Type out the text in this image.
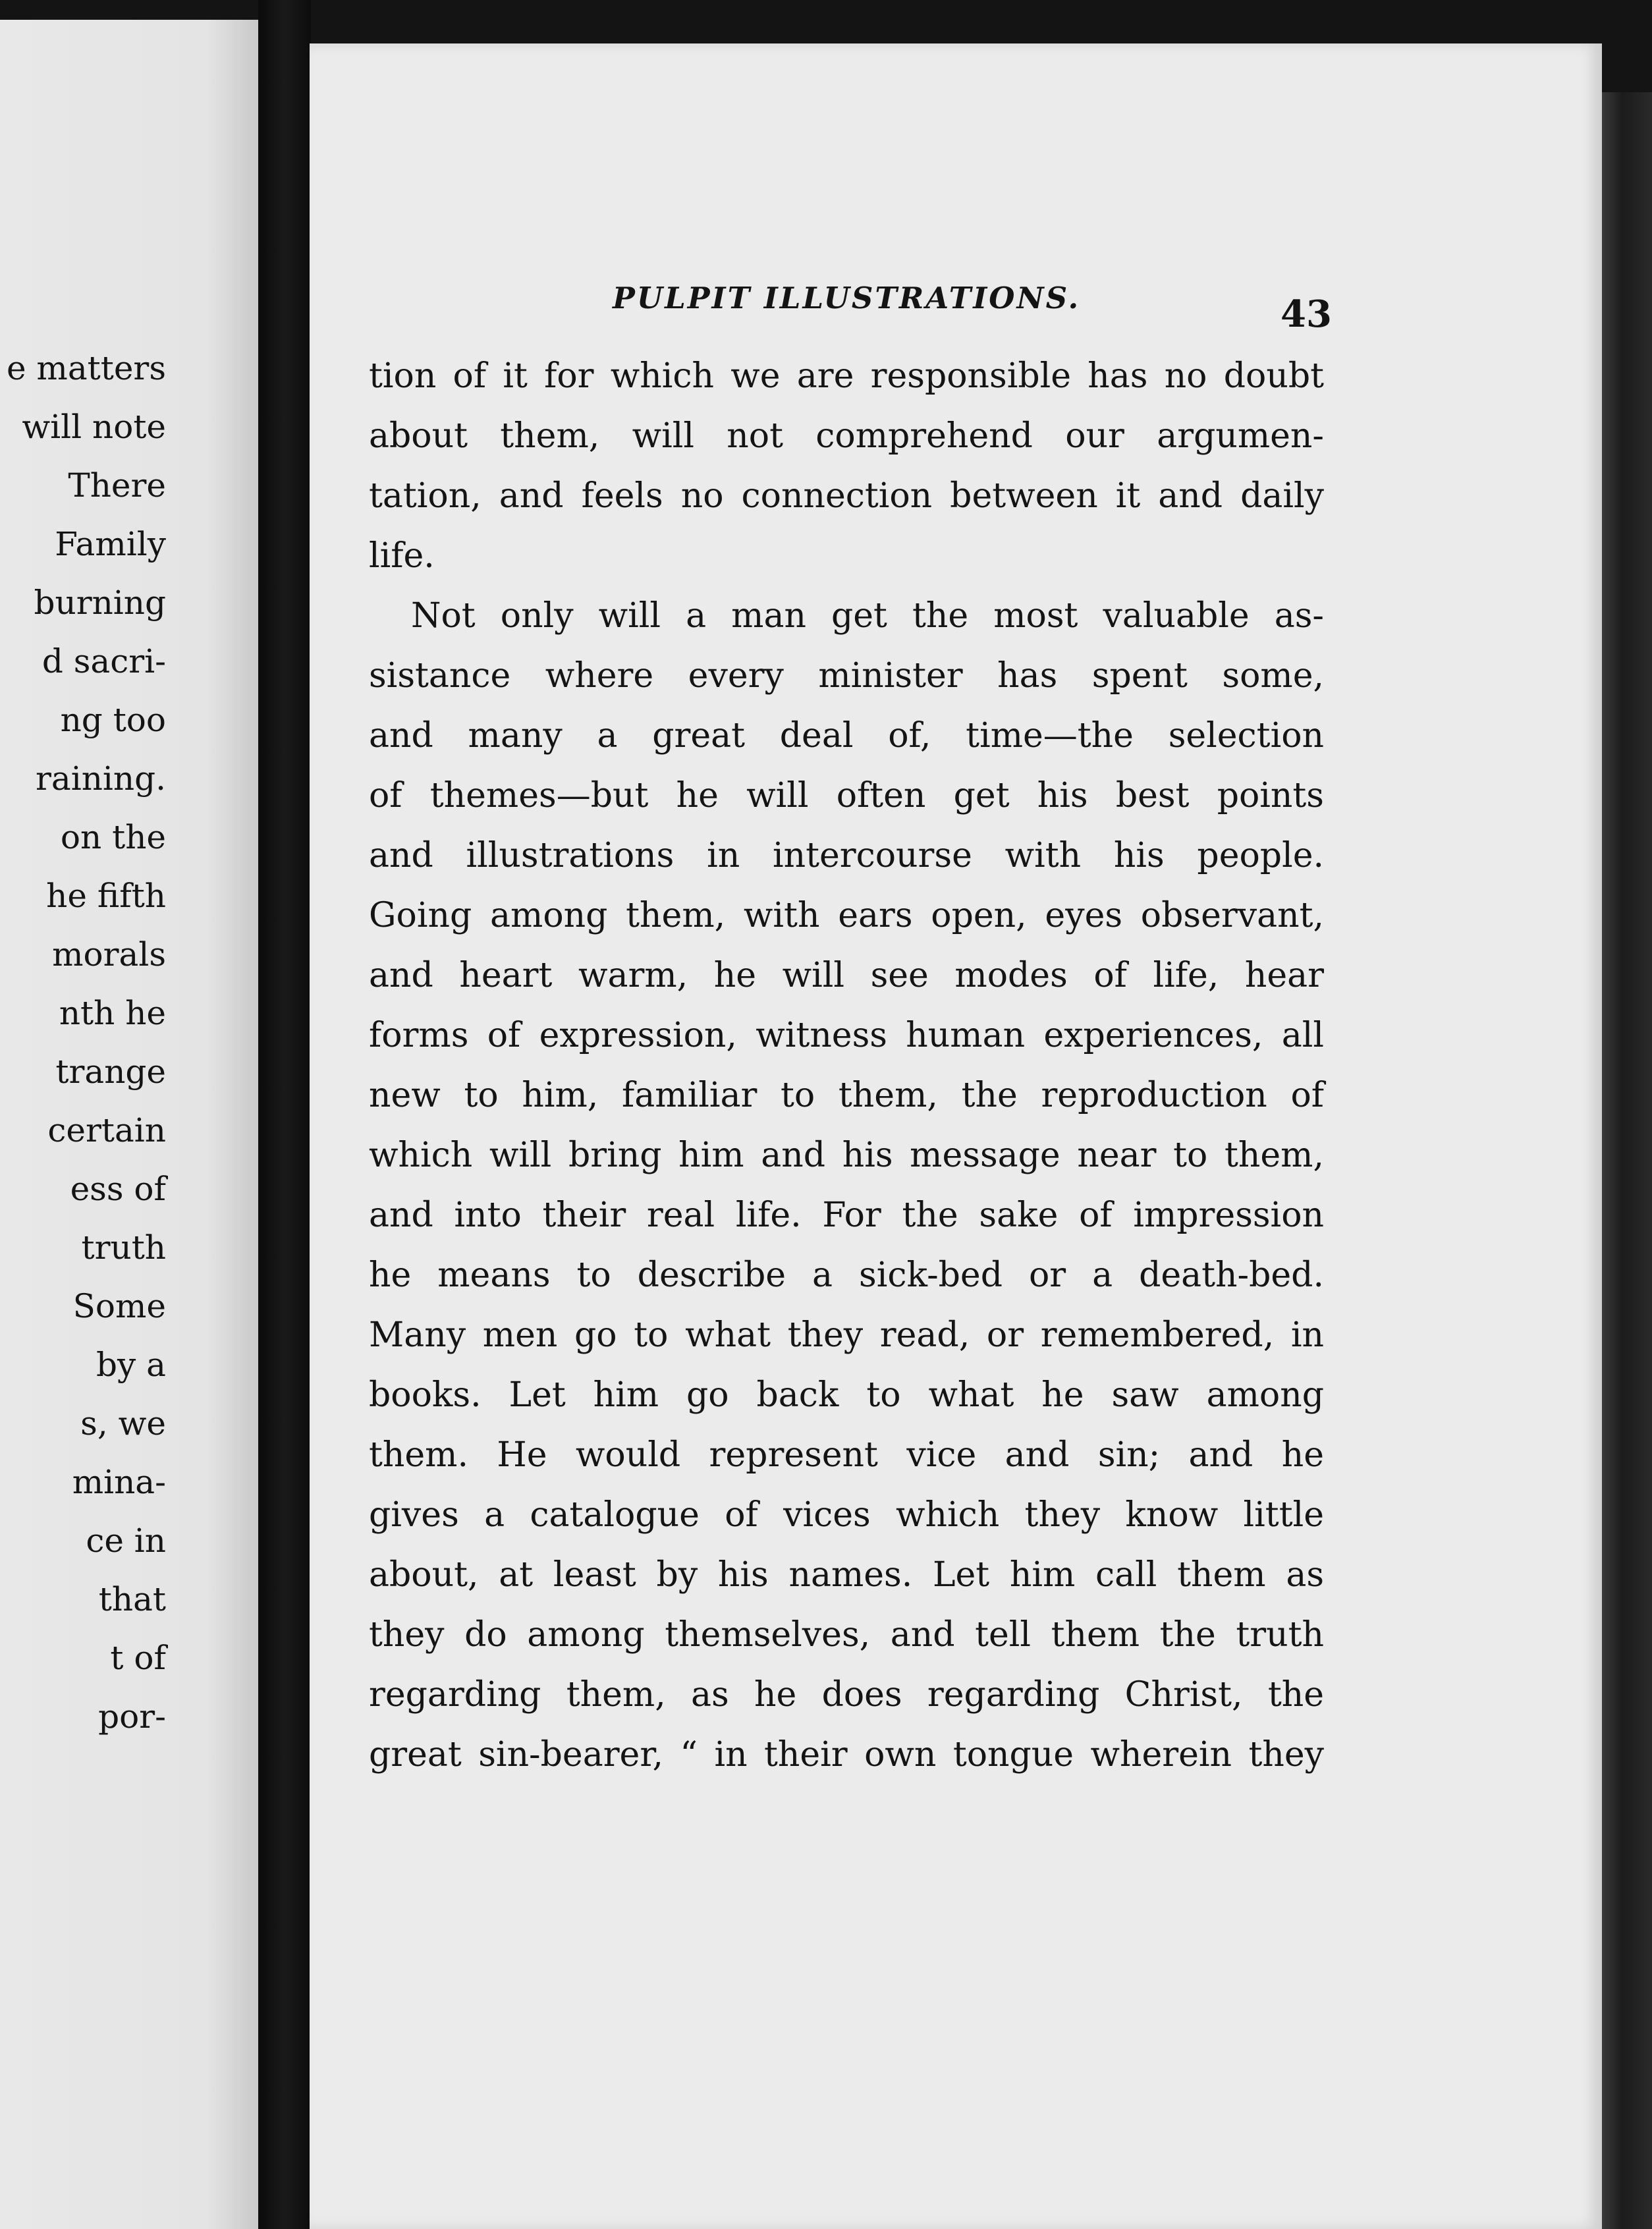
e matters
will note
There
Family
burning
d sacri-
ng too
raining.
on the
he fifth
morals
nth he
trange
certain
ess of
truth
Some
by a
s, we
mina-
ce in
that
t of
por-
PULPIT ILLUSTRATIONS.	43
tion of it for which we are responsible has no doubt
about them, will not comprehend our argumen-
tation, and feels no connection between it and daily
life.
Not only will a man get the most valuable as-
sistance where every minister has spent some,
and many a great deal of, time—the selection
of themes—but he will often get his best points
and illustrations in intercourse with his people.
Going among them, with ears open, eyes observant,
and heart warm, he will see modes of life, hear
forms of expression, witness human experiences, all
new to him, familiar to them, the reproduction of
which will bring him and his message near to them,
and into their real life. For the sake of impression
he means to describe a sick-bed or a death-bed.
Many men go to what they read, or remembered, in
books. Let him go back to what he saw among
them. He would represent vice and sin; and he
gives a catalogue of vices which they know little
about, at least by his names. Let him call them as
they do among themselves, and tell them the truth
regarding them, as he does regarding Christ, the
great sin-bearer, “ in their own tongue wherein they
